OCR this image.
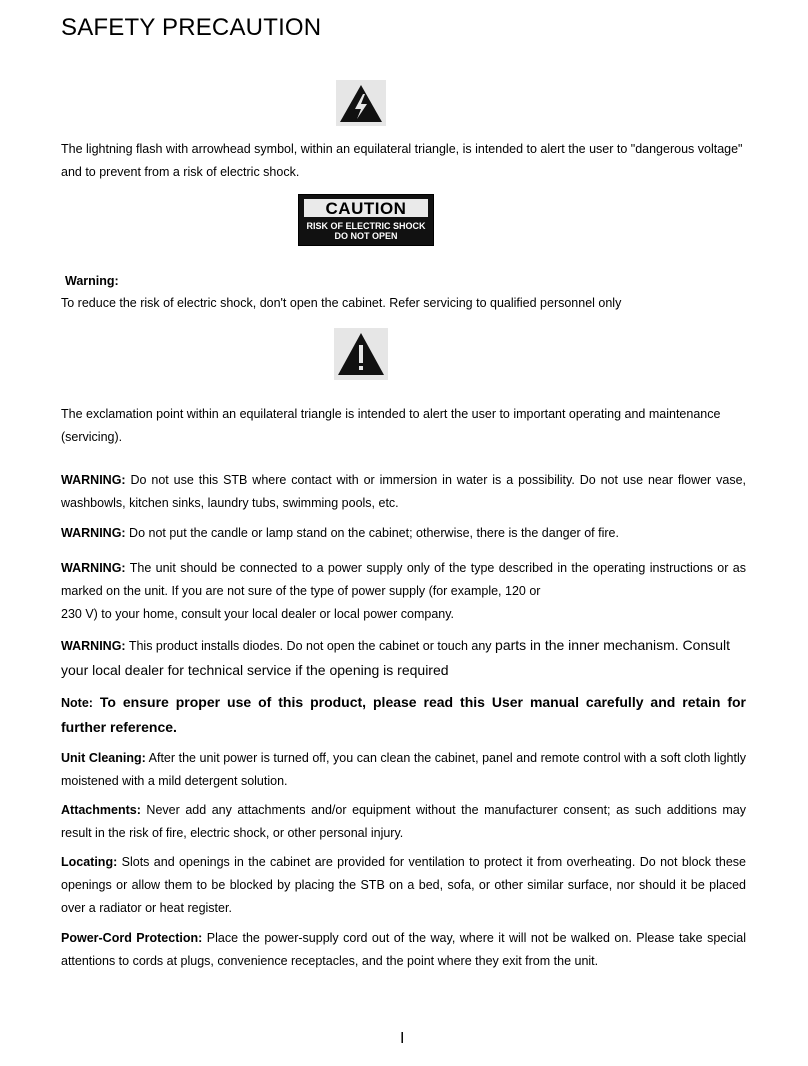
SAFETY PRECAUTION

The lightning flash with arrowhead symbol, within an equilateral triangle, is intended to alert the user to "dangerous voltage" and to prevent from a risk of electric shock.

CAUTION
RISK OF ELECTRIC SHOCK
DO NOT OPEN

Warning:

To reduce the risk of electric shock, don't open the cabinet. Refer servicing to qualified personnel only

The exclamation point within an equilateral triangle is intended to alert the user to important operating and maintenance (servicing).

WARNING: Do not use this STB where contact with or immersion in water is a possibility. Do not use near flower vase, washbowls, kitchen sinks, laundry tubs, swimming pools, etc.

WARNING: Do not put the candle or lamp stand on the cabinet; otherwise, there is the danger of fire.

WARNING: The unit should be connected to a power supply only of the type described in the operating instructions or as marked on the unit. If you are not sure of the type of power supply (for example, 120 or
230 V) to your home, consult your local dealer or local power company.

WARNING: This product installs diodes. Do not open the cabinet or touch any parts in the inner mechanism. Consult your local dealer for technical service if the opening is required

Note: To ensure proper use of this product, please read this User manual carefully and retain for further reference.

Unit Cleaning: After the unit power is turned off, you can clean the cabinet, panel and remote control with a soft cloth lightly moistened with a mild detergent solution.

Attachments: Never add any attachments and/or equipment without the manufacturer consent; as such additions may result in the risk of fire, electric shock, or other personal injury.

Locating: Slots and openings in the cabinet are provided for ventilation to protect it from overheating. Do not block these openings or allow them to be blocked by placing the STB on a bed, sofa, or other similar surface, nor should it be placed over a radiator or heat register.

Power-Cord Protection: Place the power-supply cord out of the way, where it will not be walked on. Please take special attentions to cords at plugs, convenience receptacles, and the point where they exit from the unit.

I
